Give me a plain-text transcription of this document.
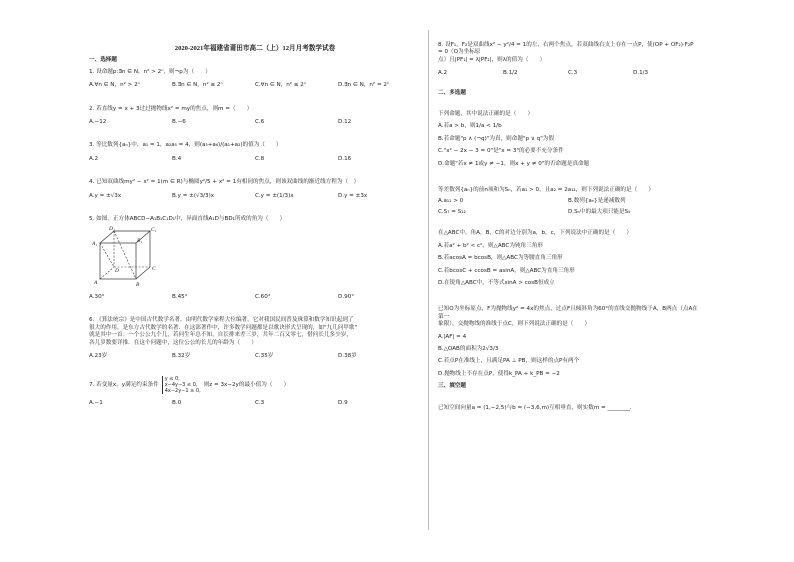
2020-2021年福建省莆田市高二（上）12月月考数学试卷
一、选择题
1. 设命题p:∃n ∈ N，n² > 2ⁿ，则¬p为（　　）
A.∀n ∈ N，n² > 2ⁿ	B.∃n ∈ N，n² ≤ 2ⁿ	C.∀n ∈ N，n² ≤ 2ⁿ	D.∃n ∈ N，n² = 2ⁿ
2. 若直线y = x + 3过过抛物线x² = my的焦点，则m =（　　）
A.−12	B.−6	C.6	D.12
3. 等比数列{aₙ}中，a₁ = 1，a₂a₅ = 4，则(a₅+a₆)/(a₁+a₂)的值为（　　）
A.2	B.4	C.8	D.16
4. 已知双曲线my² − x² = 1(m ∈ R)与椭圆y²/5 + x² = 1有相同的焦点，则该双曲线的渐近线方程为（　）
A.y = ±√3x	B.y = ±(√3/3)x	C.y = ±(1/3)x	D.y = ±3x
5. 如图，正方体ABCD−A₁B₁C₁D₁中，异面直线A₁D与BD₁所成的角为（　　）
D₁	C₁
A₁	B₁
D	C
A	B
A.30°	B.45°	C.60°	D.90°
6. 《算法统宗》是中国古代数学名著，由明代数学家程大位编著，它对我国民间普及珠算和数学知识起到了
很大的作用，是东方古代数学的名著．在这部著作中，许多数学问题都是以歌诀形式呈现的，如"九儿问甲歌"
就是其中一首：一个公公九个儿，若问生年总不知，自长排来差三岁，共年二百又零七，借问长儿多少岁，
各儿岁数要详推．在这个问题中，这位公公的长儿的年龄为（　　）
A.23岁	B.32岁	C.35岁	D.38岁
7. 若变量x，y满足约束条件
y ≤ 0,
x−4y−3 ≤ 0,
4x−2y−1 ≥ 0,
则z = 3x−2y的最小值为（　　）
A.−1	B.0	C.3	D.9
8. 设F₁，F₂是双曲线x² − y²/4 = 1的左、右两个焦点，若双曲线右支上存在一点P，使(OP + OF₂)·F₂P = 0（O为坐标原
点）且|PF₁| = λ|PF₂|，则λ的值为（　　）
A.2	B.1/2	C.3	D.1/3
二、多选题
下列命题，其中说法正确的是（　　）
A.若a > b，则1/a < 1/b
B.若命题"p ∧ (¬q)"为真，则命题"p ∨ q"为假
C."x² − 2x − 3 = 0"是"x = 3"的必要不充分条件
D.命题"若x ≠ 1或y ≠ −1，则x + y ≠ 0"的否命题是真命题
等差数列{aₙ}的前n项和为Sₙ，若a₁ > 0，且a₂ = 2a₁₂，则下列说法正确的是（　　）
A.a₁₁ > 0	B.数列{aₙ}是递减数列
C.S₇ = S₁₂	D.Sₙ中的最大项只能是S₉
在△ABC中，角A，B，C的对边分别为a，b，c，下列说法中正确的是（　　）
A.若a² + b² < c²，则△ABC为钝角三角形
B.若acosA = bcosB，则△ABC为等腰直角三角形
C.若bcosC + ccosB = asinA，则△ABC为直角三角形
D.在锐角△ABC中，不等式sinA > cosB恒成立
已知O为坐标原点，F为抛物线y² = 4x的焦点，过点F且倾斜角为60°的直线交抛物线于A，B两点（点A在第一
象限），交抛物线的准线于点C，则下列说法正确的是（　　）
A.|AF| = 4
B.△OAB的面积为2√3/3
C.若点P在准线上，且满足PA ⊥ PB，则这样的点P有两个
D.抛物线上不存在点P，使得k_PA + k_PB = −2
三、填空题
已知空间向量a = (1,−2,5)与b = (−3,6,m)互相垂直，则实数m = ________.
